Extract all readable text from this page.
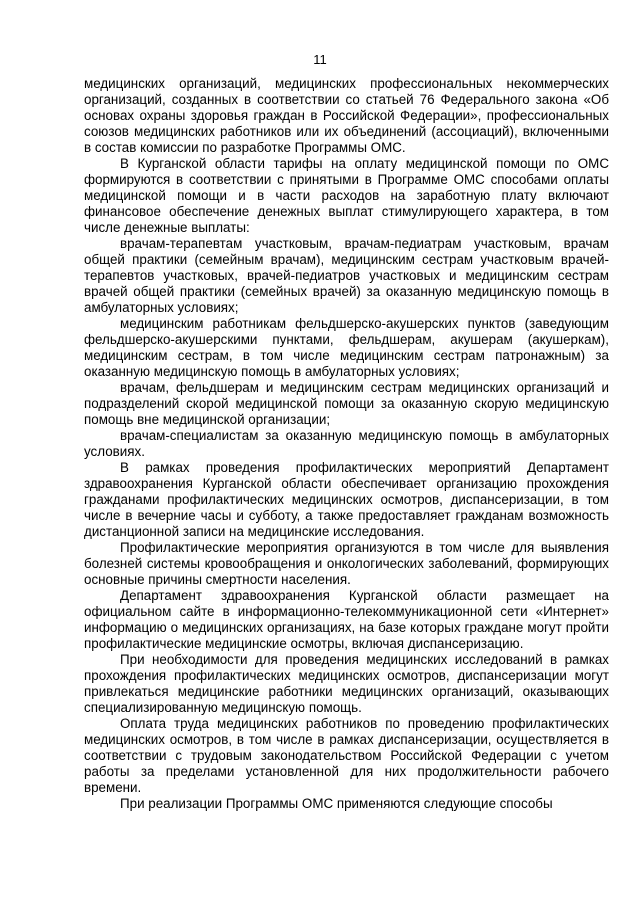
11

медицинских организаций, медицинских профессиональных некоммерческих организаций, созданных в соответствии со статьей 76 Федерального закона «Об основах охраны здоровья граждан в Российской Федерации», профессиональных союзов медицинских работников или их объединений (ассоциаций), включенными в состав комиссии по разработке Программы ОМС.

В Курганской области тарифы на оплату медицинской помощи по ОМС формируются в соответствии с принятыми в Программе ОМС способами оплаты медицинской помощи и в части расходов на заработную плату включают финансовое обеспечение денежных выплат стимулирующего характера, в том числе денежные выплаты:

врачам-терапевтам участковым, врачам-педиатрам участковым, врачам общей практики (семейным врачам), медицинским сестрам участковым врачей-терапевтов участковых, врачей-педиатров участковых и медицинским сестрам врачей общей практики (семейных врачей) за оказанную медицинскую помощь в амбулаторных условиях;

медицинским работникам фельдшерско-акушерских пунктов (заведующим фельдшерско-акушерскими пунктами, фельдшерам, акушерам (акушеркам), медицинским сестрам, в том числе медицинским сестрам патронажным) за оказанную медицинскую помощь в амбулаторных условиях;

врачам, фельдшерам и медицинским сестрам медицинских организаций и подразделений скорой медицинской помощи за оказанную скорую медицинскую помощь вне медицинской организации;

врачам-специалистам за оказанную медицинскую помощь в амбулаторных условиях.

В рамках проведения профилактических мероприятий Департамент здравоохранения Курганской области обеспечивает организацию прохождения гражданами профилактических медицинских осмотров, диспансеризации, в том числе в вечерние часы и субботу, а также предоставляет гражданам возможность дистанционной записи на медицинские исследования.

Профилактические мероприятия организуются в том числе для выявления болезней системы кровообращения и онкологических заболеваний, формирующих основные причины смертности населения.

Департамент здравоохранения Курганской области размещает на официальном сайте в информационно-телекоммуникационной сети «Интернет» информацию о медицинских организациях, на базе которых граждане могут пройти профилактические медицинские осмотры, включая диспансеризацию.

При необходимости для проведения медицинских исследований в рамках прохождения профилактических медицинских осмотров, диспансеризации могут привлекаться медицинские работники медицинских организаций, оказывающих специализированную медицинскую помощь.

Оплата труда медицинских работников по проведению профилактических медицинских осмотров, в том числе в рамках диспансеризации, осуществляется в соответствии с трудовым законодательством Российской Федерации с учетом работы за пределами установленной для них продолжительности рабочего времени.

При реализации Программы ОМС применяются следующие способы
